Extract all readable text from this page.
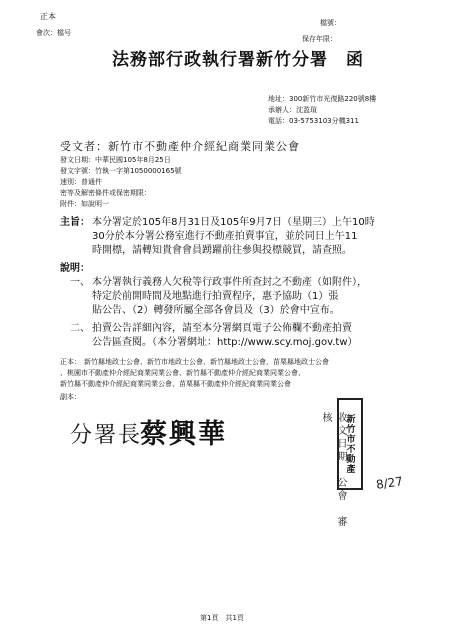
正本
會次：檔号
檔號：
保存年限：
法務部行政執行署新竹分署　函
地址：300新竹市光復路220號8樓
承辦人：沈盈瑄
電話：03-5753103分機311
受文者：新竹市不動產仲介經紀商業同業公會
發文日期：中華民國105年8月25日
發文字號：竹執一字第1050000165號
速別：普通件
密等及解密條件或保密期限：
附件：如說明一
主旨： 本分署定於105年8月31日及105年9月7日（星期三）上午10時
30分於本分署公務室進行不動產拍賣事宜，並於同日上午11
時開標，請轉知貴會會員踴躍前往參與投標競買，請查照。
說明：
一、 本分署執行義務人欠稅等行政事件所查封之不動產（如附件），
特定於前開時間及地點進行拍賣程序，惠予協助（1）張
貼公告、（2）轉發所屬全部各會員及（3）於會中宣布。
二、 拍賣公告詳細內容，請至本分署網頁電子公佈欄不動產拍賣
公告區查閱。（本分署網址：http://www.scy.moj.gov.tw）
正本： 新竹縣地政士公會、新竹市地政士公會、新竹縣地政士公會、苗栗縣地政士公會
、桃園市不動產仲介經紀商業同業公會、新竹縣不動產仲介經紀商業同業公會、
新竹縣不動產仲介經紀商業同業公會、苗栗縣不動產仲介經紀商業同業公會
副本：
分署長
蔡興華	收文日期　公會　審核	新竹市不動產
8/27
第1頁　共1頁
